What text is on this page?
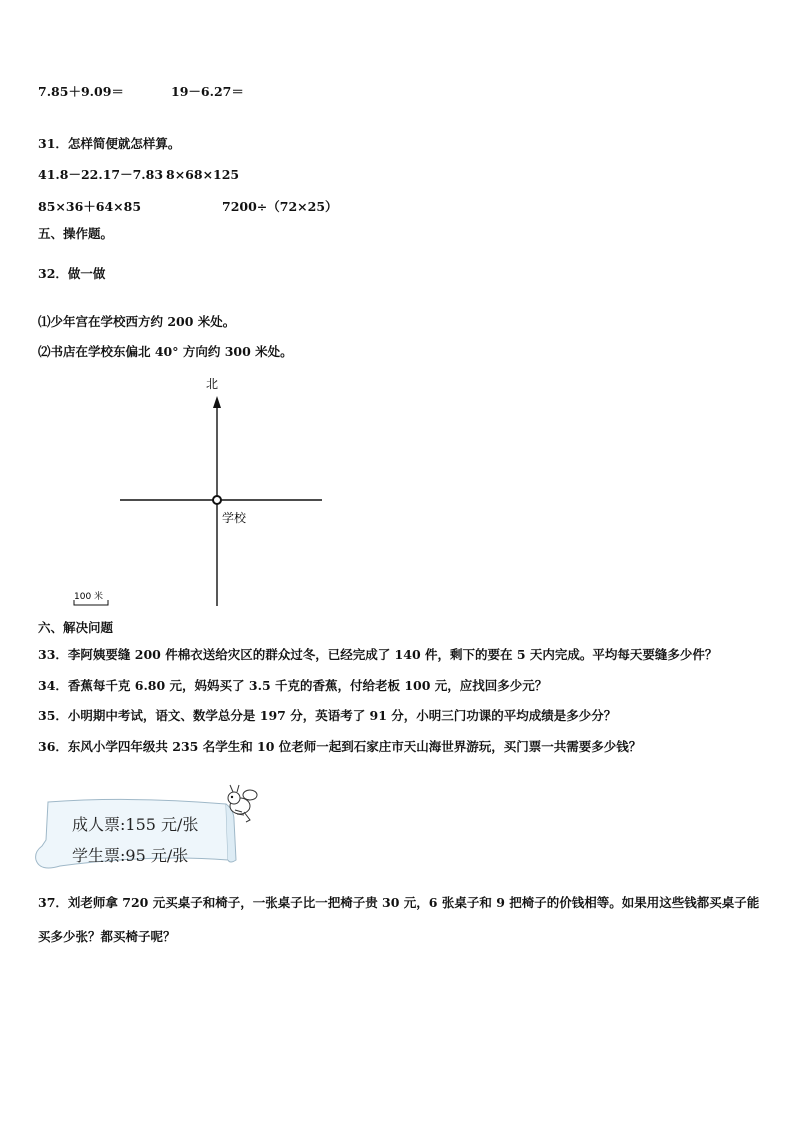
7.85＋9.09＝	19－6.27＝
31．怎样简便就怎样算。
41.8－22.17－7.83 8×68×125
85×36＋64×85	7200÷（72×25）
五、操作题。
32．做一做
⑴少年宫在学校西方约 200 米处。
⑵书店在学校东偏北 40° 方向约 300 米处。
北
学校
100 米
六、解决问题
33．李阿姨要缝 200 件棉衣送给灾区的群众过冬，已经完成了 140 件，剩下的要在 5 天内完成。平均每天要缝多少件？
34．香蕉每千克 6.80 元，妈妈买了 3.5 千克的香蕉，付给老板 100 元，应找回多少元？
35．小明期中考试，语文、数学总分是 197 分，英语考了 91 分，小明三门功课的平均成绩是多少分？
36．东风小学四年级共 235 名学生和 10 位老师一起到石家庄市天山海世界游玩，买门票一共需要多少钱？
成人票:155 元/张
学生票:95 元/张
37．刘老师拿 720 元买桌子和椅子，一张桌子比一把椅子贵 30 元，6 张桌子和 9 把椅子的价钱相等。如果用这些钱都买桌子能买多少张？都买椅子呢？
